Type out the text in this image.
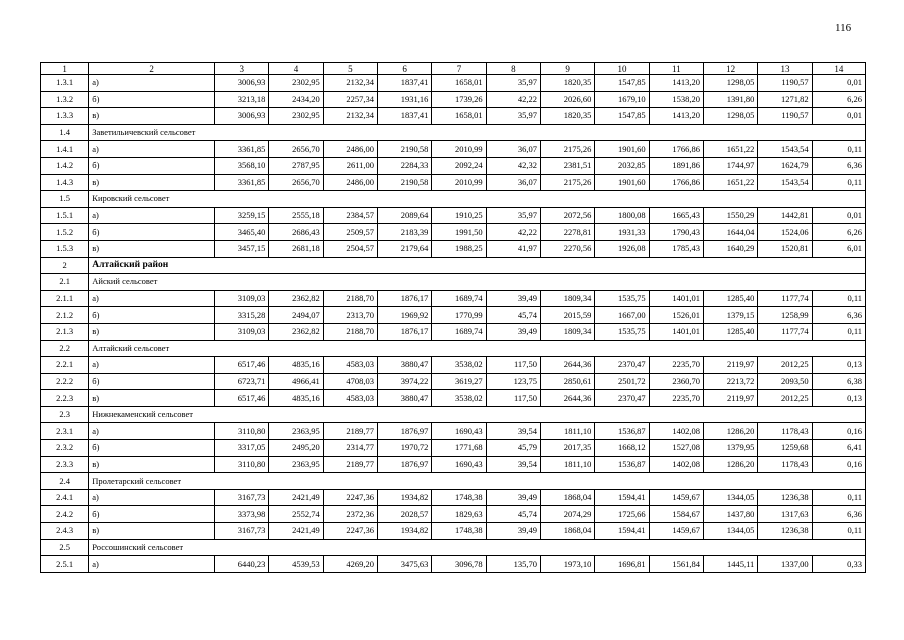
116
1	2	3	4	5	6	7	8	9	10	11	12	13	14
1.3.1	а)	3006,93	2302,95	2132,34	1837,41	1658,01	35,97	1820,35	1547,85	1413,20	1298,05	1190,57	0,01
1.3.2	б)	3213,18	2434,20	2257,34	1931,16	1739,26	42,22	2026,60	1679,10	1538,20	1391,80	1271,82	6,26
1.3.3	в)	3006,93	2302,95	2132,34	1837,41	1658,01	35,97	1820,35	1547,85	1413,20	1298,05	1190,57	0,01
1.4	Заветильичевский сельсовет												
1.4.1	а)	3361,85	2656,70	2486,00	2190,58	2010,99	36,07	2175,26	1901,60	1766,86	1651,22	1543,54	0,11
1.4.2	б)	3568,10	2787,95	2611,00	2284,33	2092,24	42,32	2381,51	2032,85	1891,86	1744,97	1624,79	6,36
1.4.3	в)	3361,85	2656,70	2486,00	2190,58	2010,99	36,07	2175,26	1901,60	1766,86	1651,22	1543,54	0,11
1.5	Кировский сельсовет												
1.5.1	а)	3259,15	2555,18	2384,57	2089,64	1910,25	35,97	2072,56	1800,08	1665,43	1550,29	1442,81	0,01
1.5.2	б)	3465,40	2686,43	2509,57	2183,39	1991,50	42,22	2278,81	1931,33	1790,43	1644,04	1524,06	6,26
1.5.3	в)	3457,15	2681,18	2504,57	2179,64	1988,25	41,97	2270,56	1926,08	1785,43	1640,29	1520,81	6,01
2	Алтайский район												
2.1	Айский сельсовет												
2.1.1	а)	3109,03	2362,82	2188,70	1876,17	1689,74	39,49	1809,34	1535,75	1401,01	1285,40	1177,74	0,11
2.1.2	б)	3315,28	2494,07	2313,70	1969,92	1770,99	45,74	2015,59	1667,00	1526,01	1379,15	1258,99	6,36
2.1.3	в)	3109,03	2362,82	2188,70	1876,17	1689,74	39,49	1809,34	1535,75	1401,01	1285,40	1177,74	0,11
2.2	Алтайский сельсовет												
2.2.1	а)	6517,46	4835,16	4583,03	3880,47	3538,02	117,50	2644,36	2370,47	2235,70	2119,97	2012,25	0,13
2.2.2	б)	6723,71	4966,41	4708,03	3974,22	3619,27	123,75	2850,61	2501,72	2360,70	2213,72	2093,50	6,38
2.2.3	в)	6517,46	4835,16	4583,03	3880,47	3538,02	117,50	2644,36	2370,47	2235,70	2119,97	2012,25	0,13
2.3	Нижнекаменский сельсовет												
2.3.1	а)	3110,80	2363,95	2189,77	1876,97	1690,43	39,54	1811,10	1536,87	1402,08	1286,20	1178,43	0,16
2.3.2	б)	3317,05	2495,20	2314,77	1970,72	1771,68	45,79	2017,35	1668,12	1527,08	1379,95	1259,68	6,41
2.3.3	в)	3110,80	2363,95	2189,77	1876,97	1690,43	39,54	1811,10	1536,87	1402,08	1286,20	1178,43	0,16
2.4	Пролетарский сельсовет												
2.4.1	а)	3167,73	2421,49	2247,36	1934,82	1748,38	39,49	1868,04	1594,41	1459,67	1344,05	1236,38	0,11
2.4.2	б)	3373,98	2552,74	2372,36	2028,57	1829,63	45,74	2074,29	1725,66	1584,67	1437,80	1317,63	6,36
2.4.3	в)	3167,73	2421,49	2247,36	1934,82	1748,38	39,49	1868,04	1594,41	1459,67	1344,05	1236,38	0,11
2.5	Россошинский сельсовет												
2.5.1	а)	6440,23	4539,53	4269,20	3475,63	3096,78	135,70	1973,10	1696,81	1561,84	1445,11	1337,00	0,33
